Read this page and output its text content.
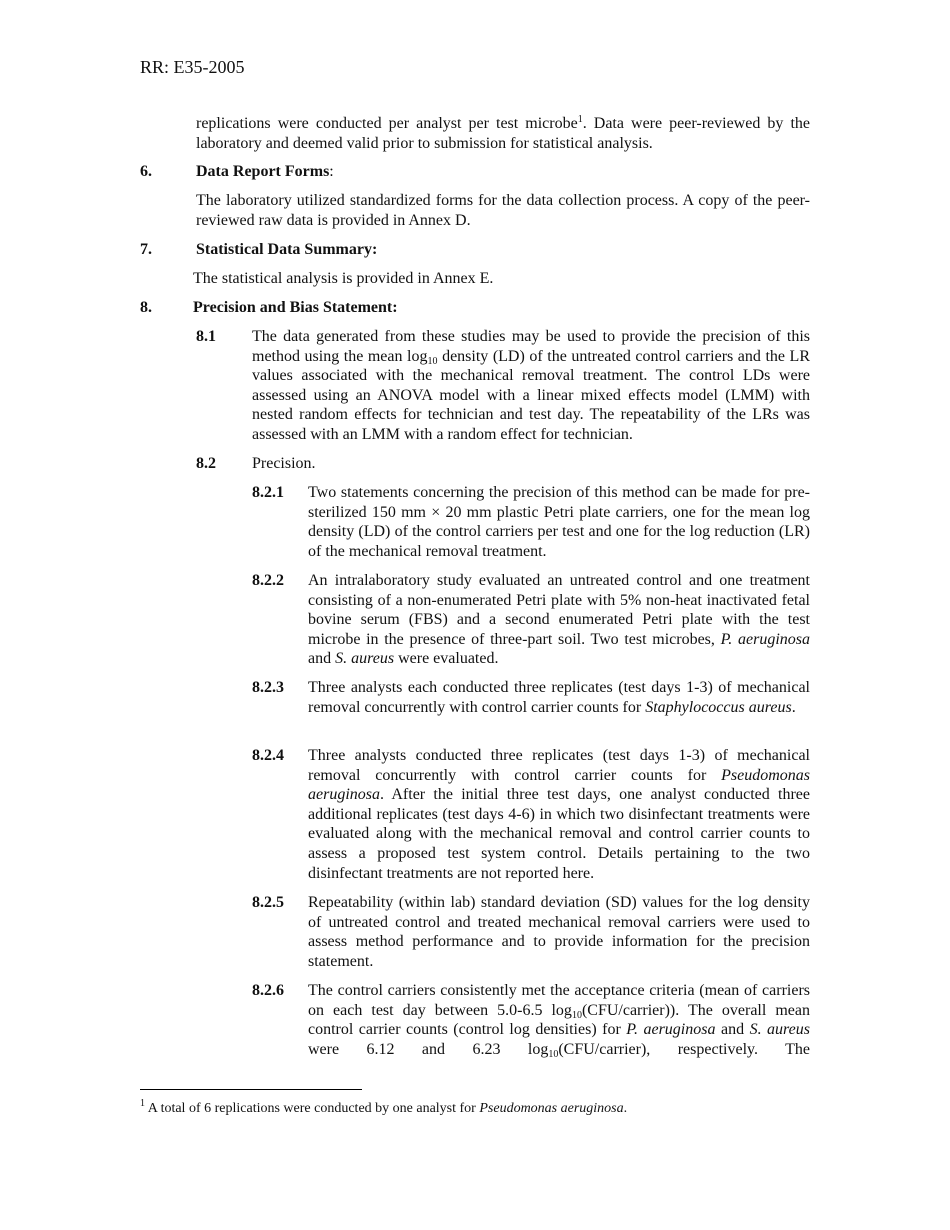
RR: E35-2005
replications were conducted per analyst per test microbe$^1$. Data were peer-reviewed by the laboratory and deemed valid prior to submission for statistical analysis.
6.	Data Report Forms:
The laboratory utilized standardized forms for the data collection process. A copy of the peer-reviewed raw data is provided in Annex D.
7.	Statistical Data Summary:
The statistical analysis is provided in Annex E.
8.	Precision and Bias Statement:
8.1 The data generated from these studies may be used to provide the precision of this method using the mean $\log_{10}$ density (LD) of the untreated control carriers and the LR values associated with the mechanical removal treatment. The control LDs were assessed using an ANOVA model with a linear mixed effects model (LMM) with nested random effects for technician and test day. The repeatability of the LRs was assessed with an LMM with a random effect for technician.
8.2 Precision.
8.2.1 Two statements concerning the precision of this method can be made for pre-sterilized 150 mm × 20 mm plastic Petri plate carriers, one for the mean log density (LD) of the control carriers per test and one for the log reduction (LR) of the mechanical removal treatment.
8.2.2 An intralaboratory study evaluated an untreated control and one treatment consisting of a non-enumerated Petri plate with 5% non-heat inactivated fetal bovine serum (FBS) and a second enumerated Petri plate with the test microbe in the presence of three-part soil. Two test microbes, P. aeruginosa and S. aureus were evaluated.
8.2.3 Three analysts each conducted three replicates (test days 1-3) of mechanical removal concurrently with control carrier counts for Staphylococcus aureus.
8.2.4 Three analysts conducted three replicates (test days 1-3) of mechanical removal concurrently with control carrier counts for Pseudomonas aeruginosa. After the initial three test days, one analyst conducted three additional replicates (test days 4-6) in which two disinfectant treatments were evaluated along with the mechanical removal and control carrier counts to assess a proposed test system control. Details pertaining to the two disinfectant treatments are not reported here.
8.2.5 Repeatability (within lab) standard deviation (SD) values for the log density of untreated control and treated mechanical removal carriers were used to assess method performance and to provide information for the precision statement.
8.2.6 The control carriers consistently met the acceptance criteria (mean of carriers on each test day between 5.0-6.5 $\log_{10}(CFU/carrier)$). The overall mean control carrier counts (control log densities) for P. aeruginosa and S. aureus were 6.12 and 6.23 $\log_{10}(CFU/carrier)$, respectively. The
$^1$ A total of 6 replications were conducted by one analyst for Pseudomonas aeruginosa.
